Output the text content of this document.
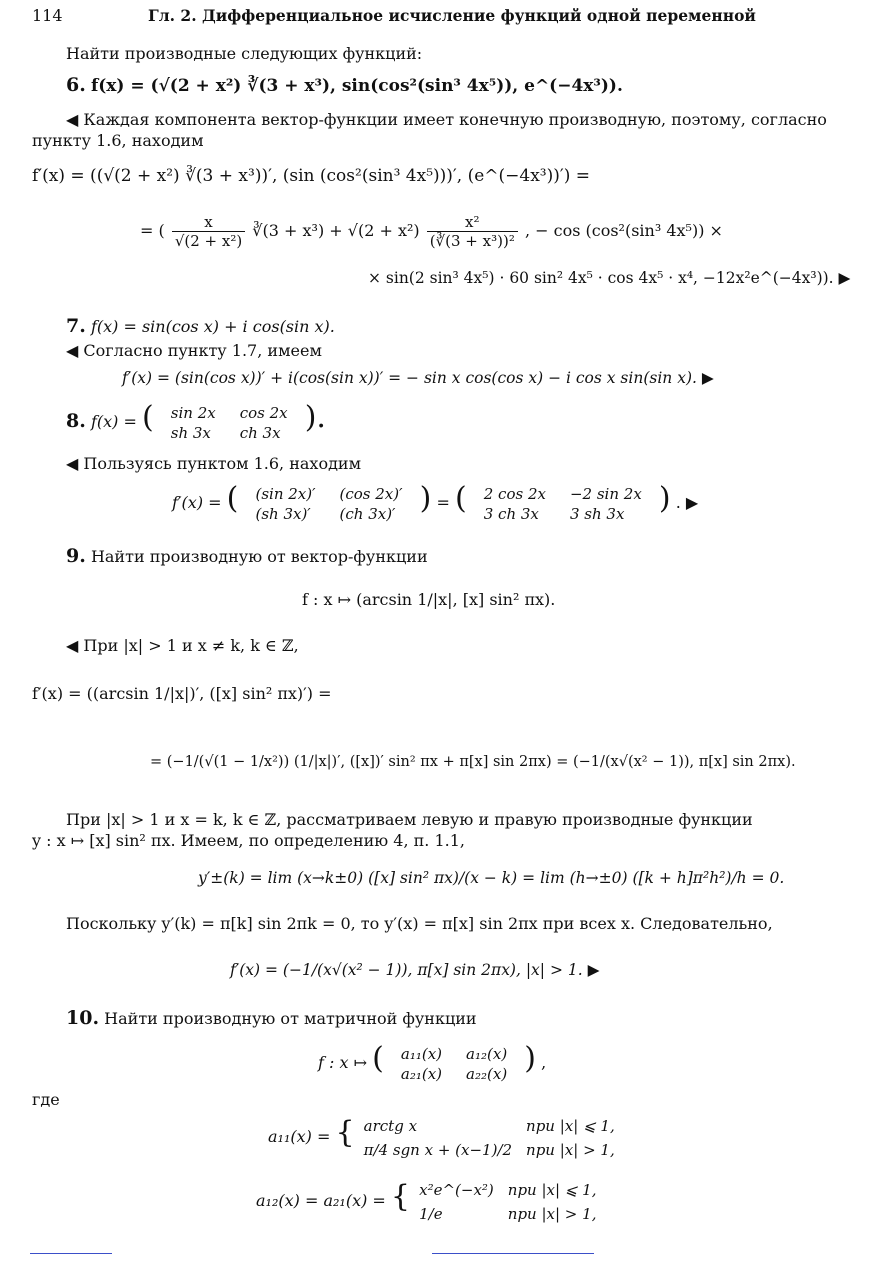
114	Гл. 2. Дифференциальное исчисление функций одной переменной
Найти производные следующих функций:
6. f(x) = (√(2 + x²) ∛(3 + x³), sin(cos²(sin³ 4x⁵)), e^(−4x³)).
◀ Каждая компонента вектор-функции имеет конечную производную, поэтому, согласно
пункту 1.6, находим
f′(x) = ((√(2 + x²) ∛(3 + x³))′, (sin (cos²(sin³ 4x⁵)))′, (e^(−4x³))′) =
= ( $\frac{x}{\text{√(2 + x²)}}$ ∛(3 + $x^3) + √(2 + x^2) \frac{\text{x²}}{\text{(∛(3 + x³))²}}$ , − cos (cos²(sin³ 4x⁵)) ×
× sin(2 sin³ 4x⁵) · 60 sin² 4x⁵ · cos 4x⁵ · x⁴, −12x²e^(−4x³)). ▶
7. f(x) = sin(cos x) + i cos(sin x).
◀ Согласно пункту 1.7, имеем
f′(x) = (sin(cos x))′ + i(cos(sin x))′ = − sin x cos(cos x) − i cos x sin(sin x). ▶
8. f(x) = ( sin 2x	cos 2x
sh 3x	ch 3x ).
◀ Пользуясь пунктом 1.6, находим
f′(x) = ( (sin 2x)′	(cos 2x)′
(sh 3x)′	(ch 3x)′ ) = ( 2 cos 2x	−2 sin 2x
3 ch 3x	3 sh 3x ) . ▶
9. Найти производную от вектор-функции
f : x ↦ (arcsin 1/|x|, [x] sin² πx).
◀ При |x| > 1 и x ≠ k, k ∈ ℤ,
f′(x) = ((arcsin 1/|x|)′, ([x] sin² πx)′) =
= (−1/(√(1 − 1/x²)) (1/|x|)′, ([x])′ sin² πx + π[x] sin 2πx) = (−1/(x√(x² − 1)), π[x] sin 2πx).
При |x| > 1 и x = k, k ∈ ℤ, рассматриваем левую и правую производные функции
y : x ↦ [x] sin² πx. Имеем, по определению 4, п. 1.1,
y′±(k) = lim (x→k±0) ([x] sin² πx)/(x − k) = lim (h→±0) ([k + h]π²h²)/h = 0.
Поскольку y′(k) = π[k] sin 2πk = 0, то y′(x) = π[x] sin 2πx при всех x. Следовательно,
f′(x) = (−1/(x√(x² − 1)), π[x] sin 2πx), |x| > 1. ▶
10. Найти производную от матричной функции
f : x ↦ ( a₁₁(x)	a₁₂(x)
a₂₁(x)	a₂₂(x) ) ,
где
a₁₁(x) = { arctg x	при |x| ⩽ 1,
π/4 sgn x + (x−1)/2	при |x| > 1,
a₁₂(x) = a₂₁(x) = { x²e^(−x²)	при |x| ⩽ 1,
1/e	при |x| > 1,
